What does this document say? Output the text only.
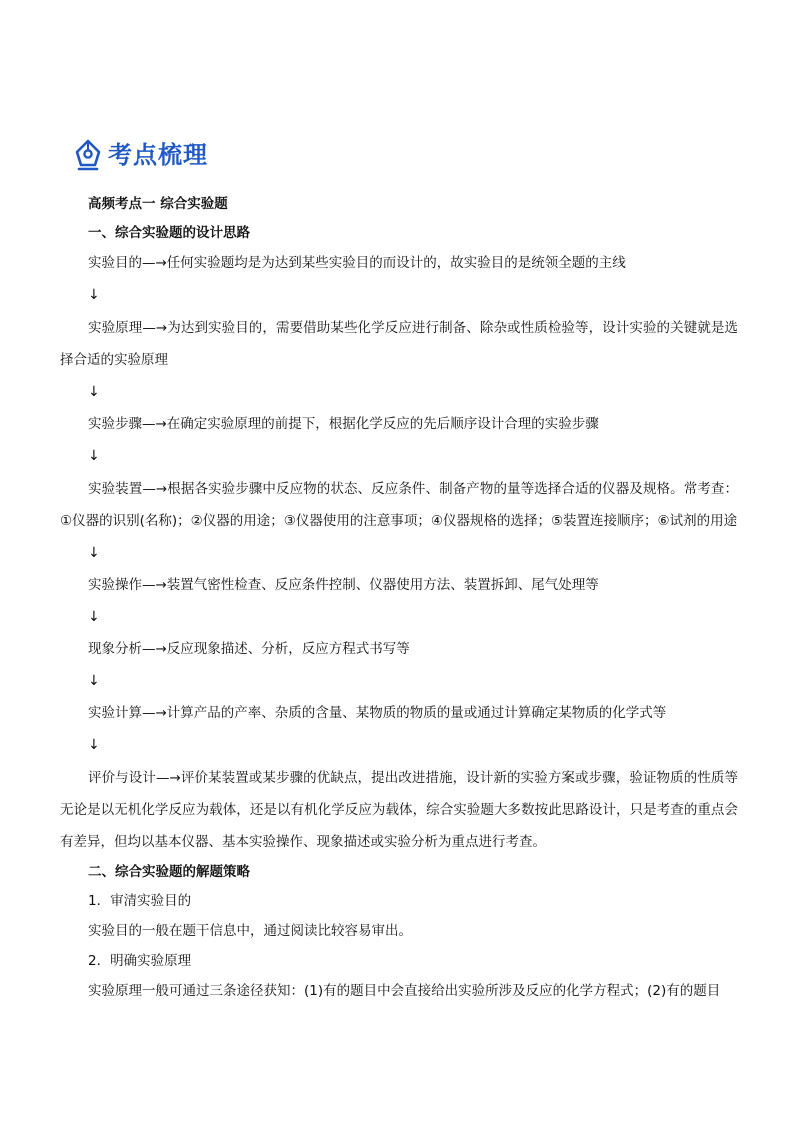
考点梳理
高频考点一 综合实验题
一、综合实验题的设计思路
实验目的—→任何实验题均是为达到某些实验目的而设计的，故实验目的是统领全题的主线
↓
实验原理—→为达到实验目的，需要借助某些化学反应进行制备、除杂或性质检验等，设计实验的关键就是选择合适的实验原理
↓
实验步骤—→在确定实验原理的前提下，根据化学反应的先后顺序设计合理的实验步骤
↓
实验装置—→根据各实验步骤中反应物的状态、反应条件、制备产物的量等选择合适的仪器及规格。常考查：①仪器的识别(名称)；②仪器的用途；③仪器使用的注意事项；④仪器规格的选择；⑤装置连接顺序；⑥试剂的用途
↓
实验操作—→装置气密性检查、反应条件控制、仪器使用方法、装置拆卸、尾气处理等
↓
现象分析—→反应现象描述、分析，反应方程式书写等
↓
实验计算—→计算产品的产率、杂质的含量、某物质的物质的量或通过计算确定某物质的化学式等
↓
评价与设计—→评价某装置或某步骤的优缺点，提出改进措施，设计新的实验方案或步骤，验证物质的性质等无论是以无机化学反应为载体，还是以有机化学反应为载体，综合实验题大多数按此思路设计，只是考查的重点会有差异，但均以基本仪器、基本实验操作、现象描述或实验分析为重点进行考查。
二、综合实验题的解题策略
1．审清实验目的
实验目的一般在题干信息中，通过阅读比较容易审出。
2．明确实验原理
实验原理一般可通过三条途径获知：(1)有的题目中会直接给出实验所涉及反应的化学方程式；(2)有的题目
